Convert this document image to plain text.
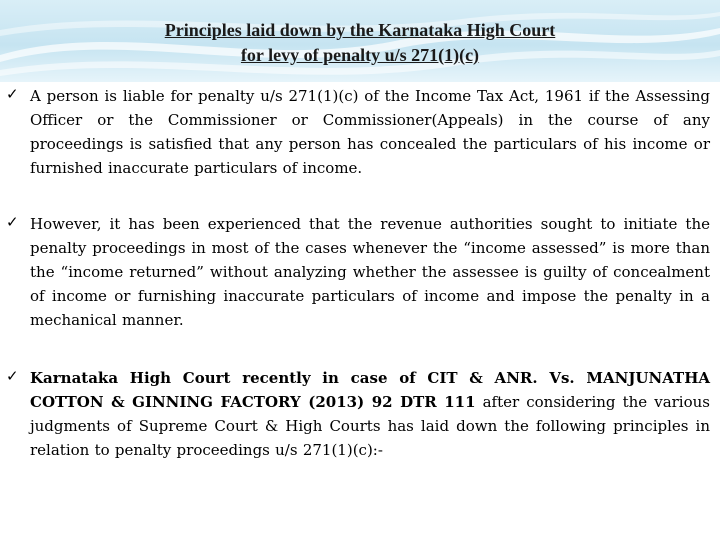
Principles laid down by the Karnataka High Court
for levy of penalty u/s 271(1)(c)
✓ A person is liable for penalty u/s 271(1)(c) of the Income Tax Act, 1961 if the Assessing Officer or the Commissioner or Commissioner(Appeals) in the course of any proceedings is satisfied that any person has concealed the particulars of his income or furnished inaccurate particulars of income.
✓ However, it has been experienced that the revenue authorities sought to initiate the penalty proceedings in most of the cases whenever the “income assessed” is more than the “income returned” without analyzing whether the assessee is guilty of concealment of income or furnishing inaccurate particulars of income and impose the penalty in a mechanical manner.
✓ Karnataka High Court recently in case of CIT & ANR. Vs. MANJUNATHA COTTON & GINNING FACTORY (2013) 92 DTR 111 after considering the various judgments of Supreme Court & High Courts has laid down the following principles in relation to penalty proceedings u/s 271(1)(c):-
